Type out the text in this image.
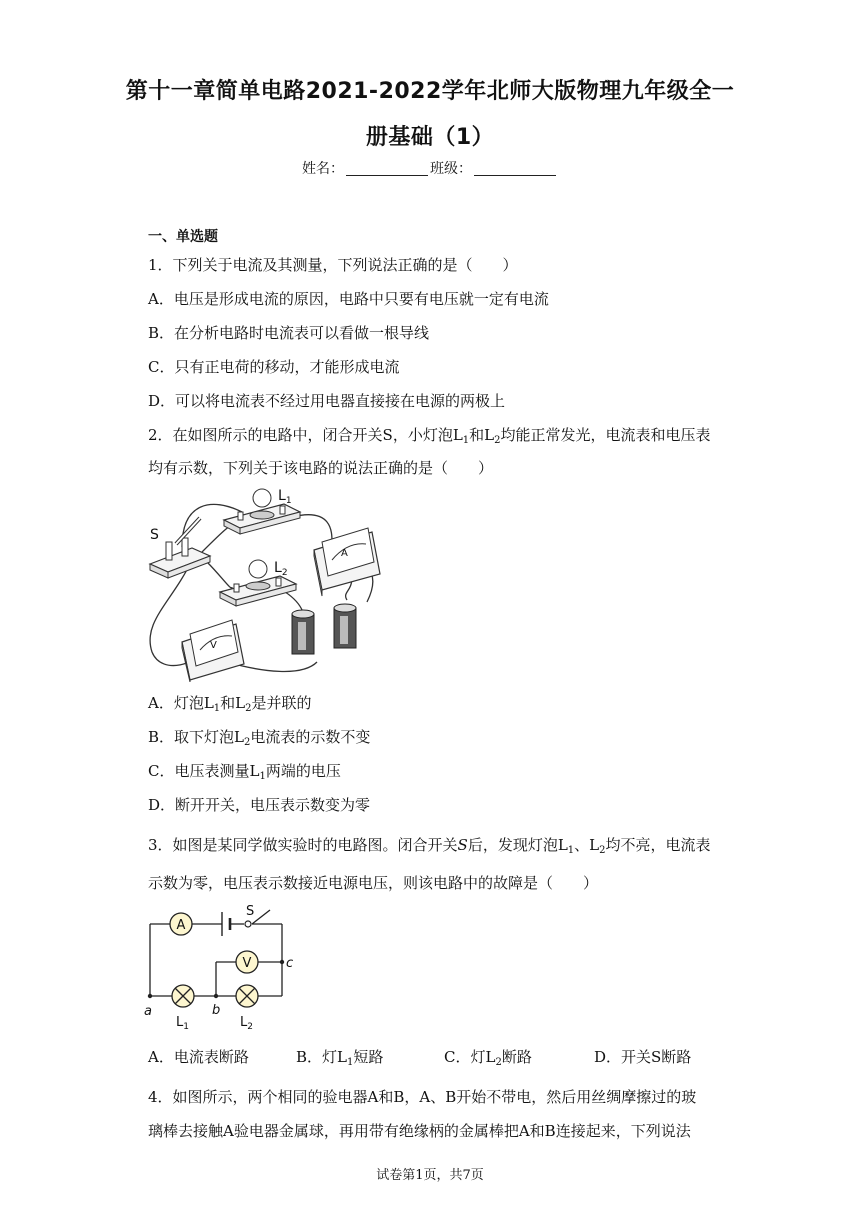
第十一章简单电路2021-2022学年北师大版物理九年级全一
册基础（1）
姓名：	班级：
一、单选题
1．下列关于电流及其测量，下列说法正确的是（　　）
A．电压是形成电流的原因，电路中只要有电压就一定有电流
B．在分析电路时电流表可以看做一根导线
C．只有正电荷的移动，才能形成电流
D．可以将电流表不经过用电器直接接在电源的两极上
2．在如图所示的电路中，闭合开关S，小灯泡$L_1$和$L_2$均能正常发光，电流表和电压表
均有示数，下列关于该电路的说法正确的是（　　）
S
$L_1$
A
$L_2$
V
A．灯泡$L_1$和$L_2$是并联的
B．取下灯泡$L_2$电流表的示数不变
C．电压表测量$L_1$两端的电压
D．断开开关，电压表示数变为零
3．如图是某同学做实验时的电路图。闭合开关S后，发现灯泡$L_1$、$L_2$均不亮，电流表
示数为零，电压表示数接近电源电压，则该电路中的故障是（　　）
A
V
S
a	b
c
$L_1$	$L_2$
A．电流表断路	B．灯$L_1$短路	C．灯$L_2$断路	D．开关S断路
4．如图所示，两个相同的验电器A和B，A、B开始不带电，然后用丝绸摩擦过的玻
璃棒去接触A验电器金属球，再用带有绝缘柄的金属棒把A和B连接起来，下列说法
试卷第1页，共7页
